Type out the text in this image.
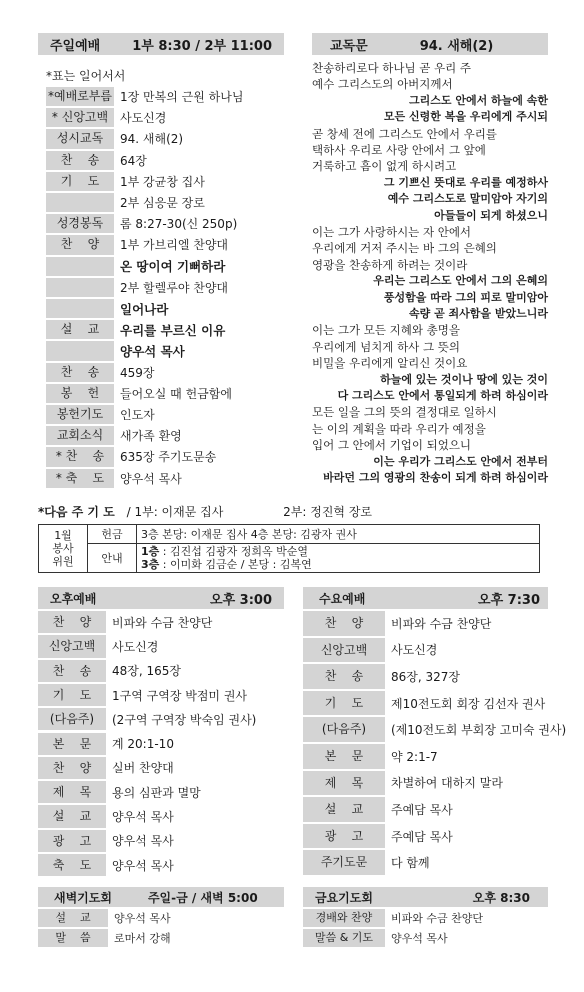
주일예배 1부 8:30 / 2부 11:00
*표는 일어서서
*예배로부름 1장 만복의 근원 하나님
* 신앙고백 사도신경
성시교독	94. 새해(2)
찬    송	64장
기    도	1부 강균창 집사
2부 심응문 장로
성경봉독	롬 8:27-30(신 250p)
찬    양	1부 가브리엘 찬양대
온 땅이여 기뻐하라
2부 할렐루야 찬양대
일어나라
설    교	우리를 부르신 이유
양우석 목사
찬    송	459장
봉    헌	들어오실 때 헌금함에
봉헌기도	인도자
교회소식	새가족 환영
* 찬    송	635장 주기도문송
* 축    도	양우석 목사
교독문	94. 새해(2)
찬송하리로다 하나님 곧 우리 주
예수 그리스도의 아버지께서
그리스도 안에서 하늘에 속한
모든 신령한 복을 우리에게 주시되
곧 창세 전에 그리스도 안에서 우리를
택하사 우리로 사랑 안에서 그 앞에
거룩하고 흠이 없게 하시려고
그 기쁘신 뜻대로 우리를 예정하사
예수 그리스도로 말미암아 자기의
아들들이 되게 하셨으니
이는 그가 사랑하시는 자 안에서
우리에게 거저 주시는 바 그의 은혜의
영광을 찬송하게 하려는 것이라
우리는 그리스도 안에서 그의 은혜의
풍성함을 따라 그의 피로 말미암아
속량 곧 죄사함을 받았느니라
이는 그가 모든 지혜와 총명을
우리에게 넘치게 하사 그 뜻의
비밀을 우리에게 알리신 것이요
하늘에 있는 것이나 땅에 있는 것이
다 그리스도 안에서 통일되게 하려 하심이라
모든 일을 그의 뜻의 결정대로 일하시
는 이의 계획을 따라 우리가 예정을
입어 그 안에서 기업이 되었으니
이는 우리가 그리스도 안에서 전부터
바라던 그의 영광의 찬송이 되게 하려 하심이라
*다음 주 기 도 / 1부: 이재문 집사	2부: 정진혁 장로
1월
봉사
위원	헌금	3층 본당: 이재문 집사 4층 본당: 김광자 권사
	안내	1층 : 김진섭 김광자 정희옥 박순열
3층 : 이미화 김금순 / 본당 : 김복연
오후예배	오후 3:00
찬    양	비파와 수금 찬양단
신앙고백	사도신경
찬    송	48장, 165장
기    도	1구역 구역장 박점미 권사
(다음주)	(2구역 구역장 박숙임 권사)
본    문	계 20:1-10
찬    양	실버 찬양대
제    목	용의 심판과 멸망
설    교	양우석 목사
광    고	양우석 목사
축    도	양우석 목사
수요예배	오후 7:30
찬    양	비파와 수금 찬양단
신앙고백	사도신경
찬    송	86장, 327장
기    도	제10전도회 회장 김선자 권사
(다음주)	(제10전도회 부회장 고미숙 권사)
본    문	약 2:1-7
제    목	차별하여 대하지 말라
설    교	주예담 목사
광    고	주예담 목사
주기도문	다 함께
새벽기도회	주일-금 / 새벽 5:00
설    교	양우석 목사
말    씀	로마서 강해
금요기도회	오후 8:30
경배와 찬양	비파와 수금 찬양단
말씀 & 기도	양우석 목사
